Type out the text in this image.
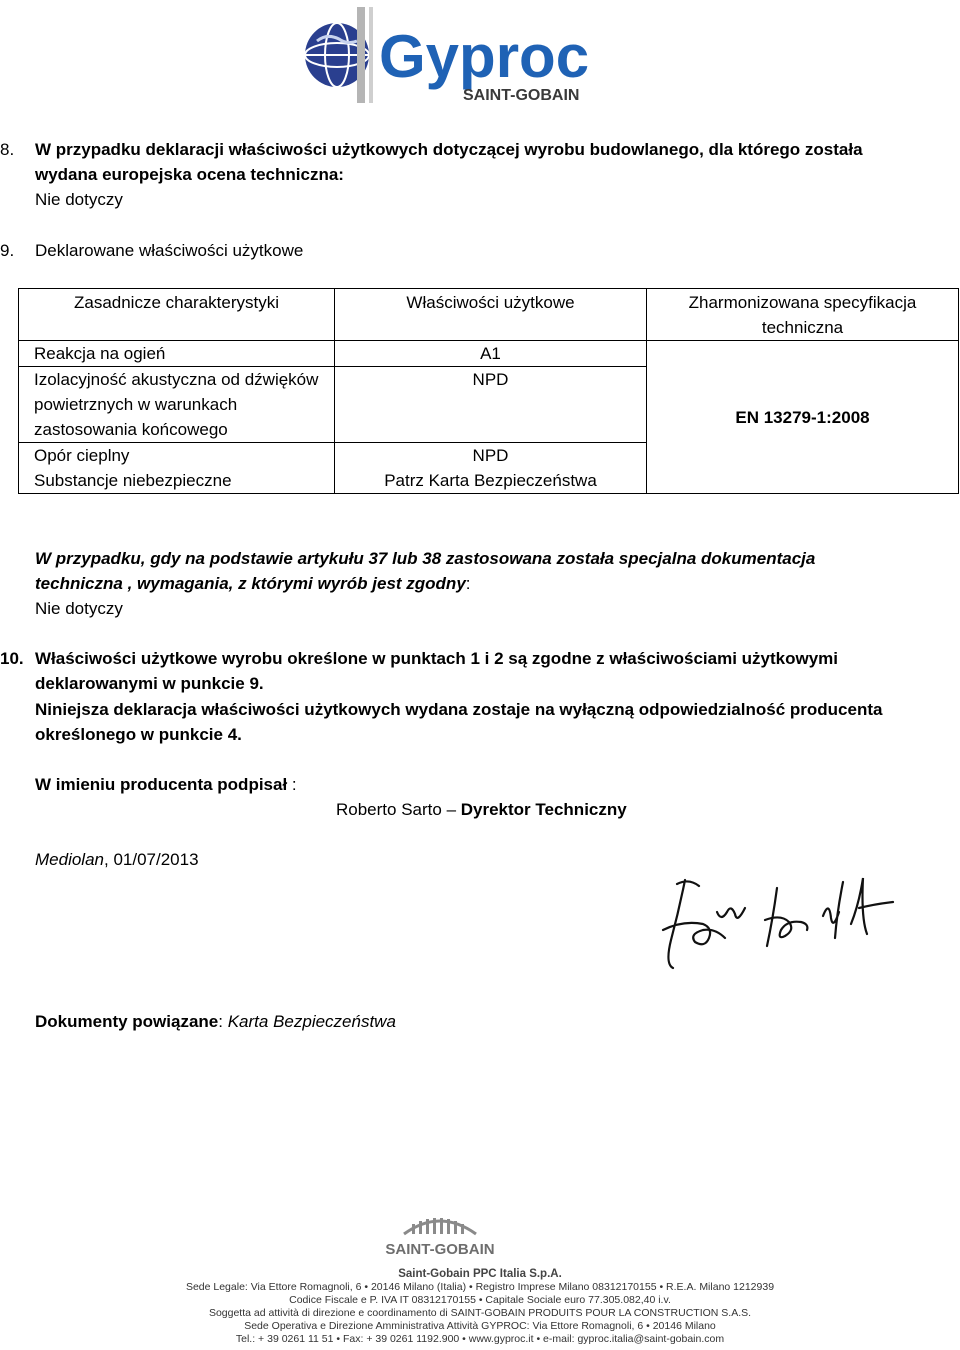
Gyproc
SAINT-GOBAIN
8. W przypadku deklaracji właściwości użytkowych dotyczącej wyrobu budowlanego, dla którego została
wydana europejska ocena techniczna:
Nie dotyczy
9. Deklarowane właściwości użytkowe
Zasadnicze charakterystyki	Właściwości użytkowe	Zharmonizowana specyfikacja techniczna
Reakcja na ogień	A1	EN 13279-1:2008
Izolacyjność akustyczna od dźwięków powietrznych w warunkach zastosowania końcowego	NPD	
Opór cieplny	NPD	
Substancje niebezpieczne	Patrz Karta Bezpieczeństwa	
W przypadku, gdy na podstawie artykułu 37 lub 38 zastosowana została specjalna dokumentacja
techniczna , wymagania, z którymi wyrób jest zgodny:
Nie dotyczy
10. Właściwości użytkowe wyrobu określone w punktach 1 i 2 są zgodne z właściwościami użytkowymi
deklarowanymi w punkcie 9.
Niniejsza deklaracja właściwości użytkowych wydana zostaje na wyłączną odpowiedzialność producenta
określonego w punkcie 4.
W imieniu producenta podpisał :
Roberto Sarto – Dyrektor Techniczny
Mediolan, 01/07/2013
Dokumenty powiązane: Karta Bezpieczeństwa
SAINT-GOBAIN
Saint-Gobain PPC Italia S.p.A.
Sede Legale: Via Ettore Romagnoli, 6 • 20146 Milano (Italia) • Registro Imprese Milano 08312170155 • R.E.A. Milano 1212939
Codice Fiscale e P. IVA IT 08312170155 • Capitale Sociale euro 77.305.082,40 i.v.
Soggetta ad attività di direzione e coordinamento di SAINT-GOBAIN PRODUITS POUR LA CONSTRUCTION S.A.S.
Sede Operativa e Direzione Amministrativa Attività GYPROC: Via Ettore Romagnoli, 6 • 20146 Milano
Tel.: + 39 0261 11 51 • Fax: + 39 0261 1192.900 • www.gyproc.it • e-mail: gyproc.italia@saint-gobain.com
